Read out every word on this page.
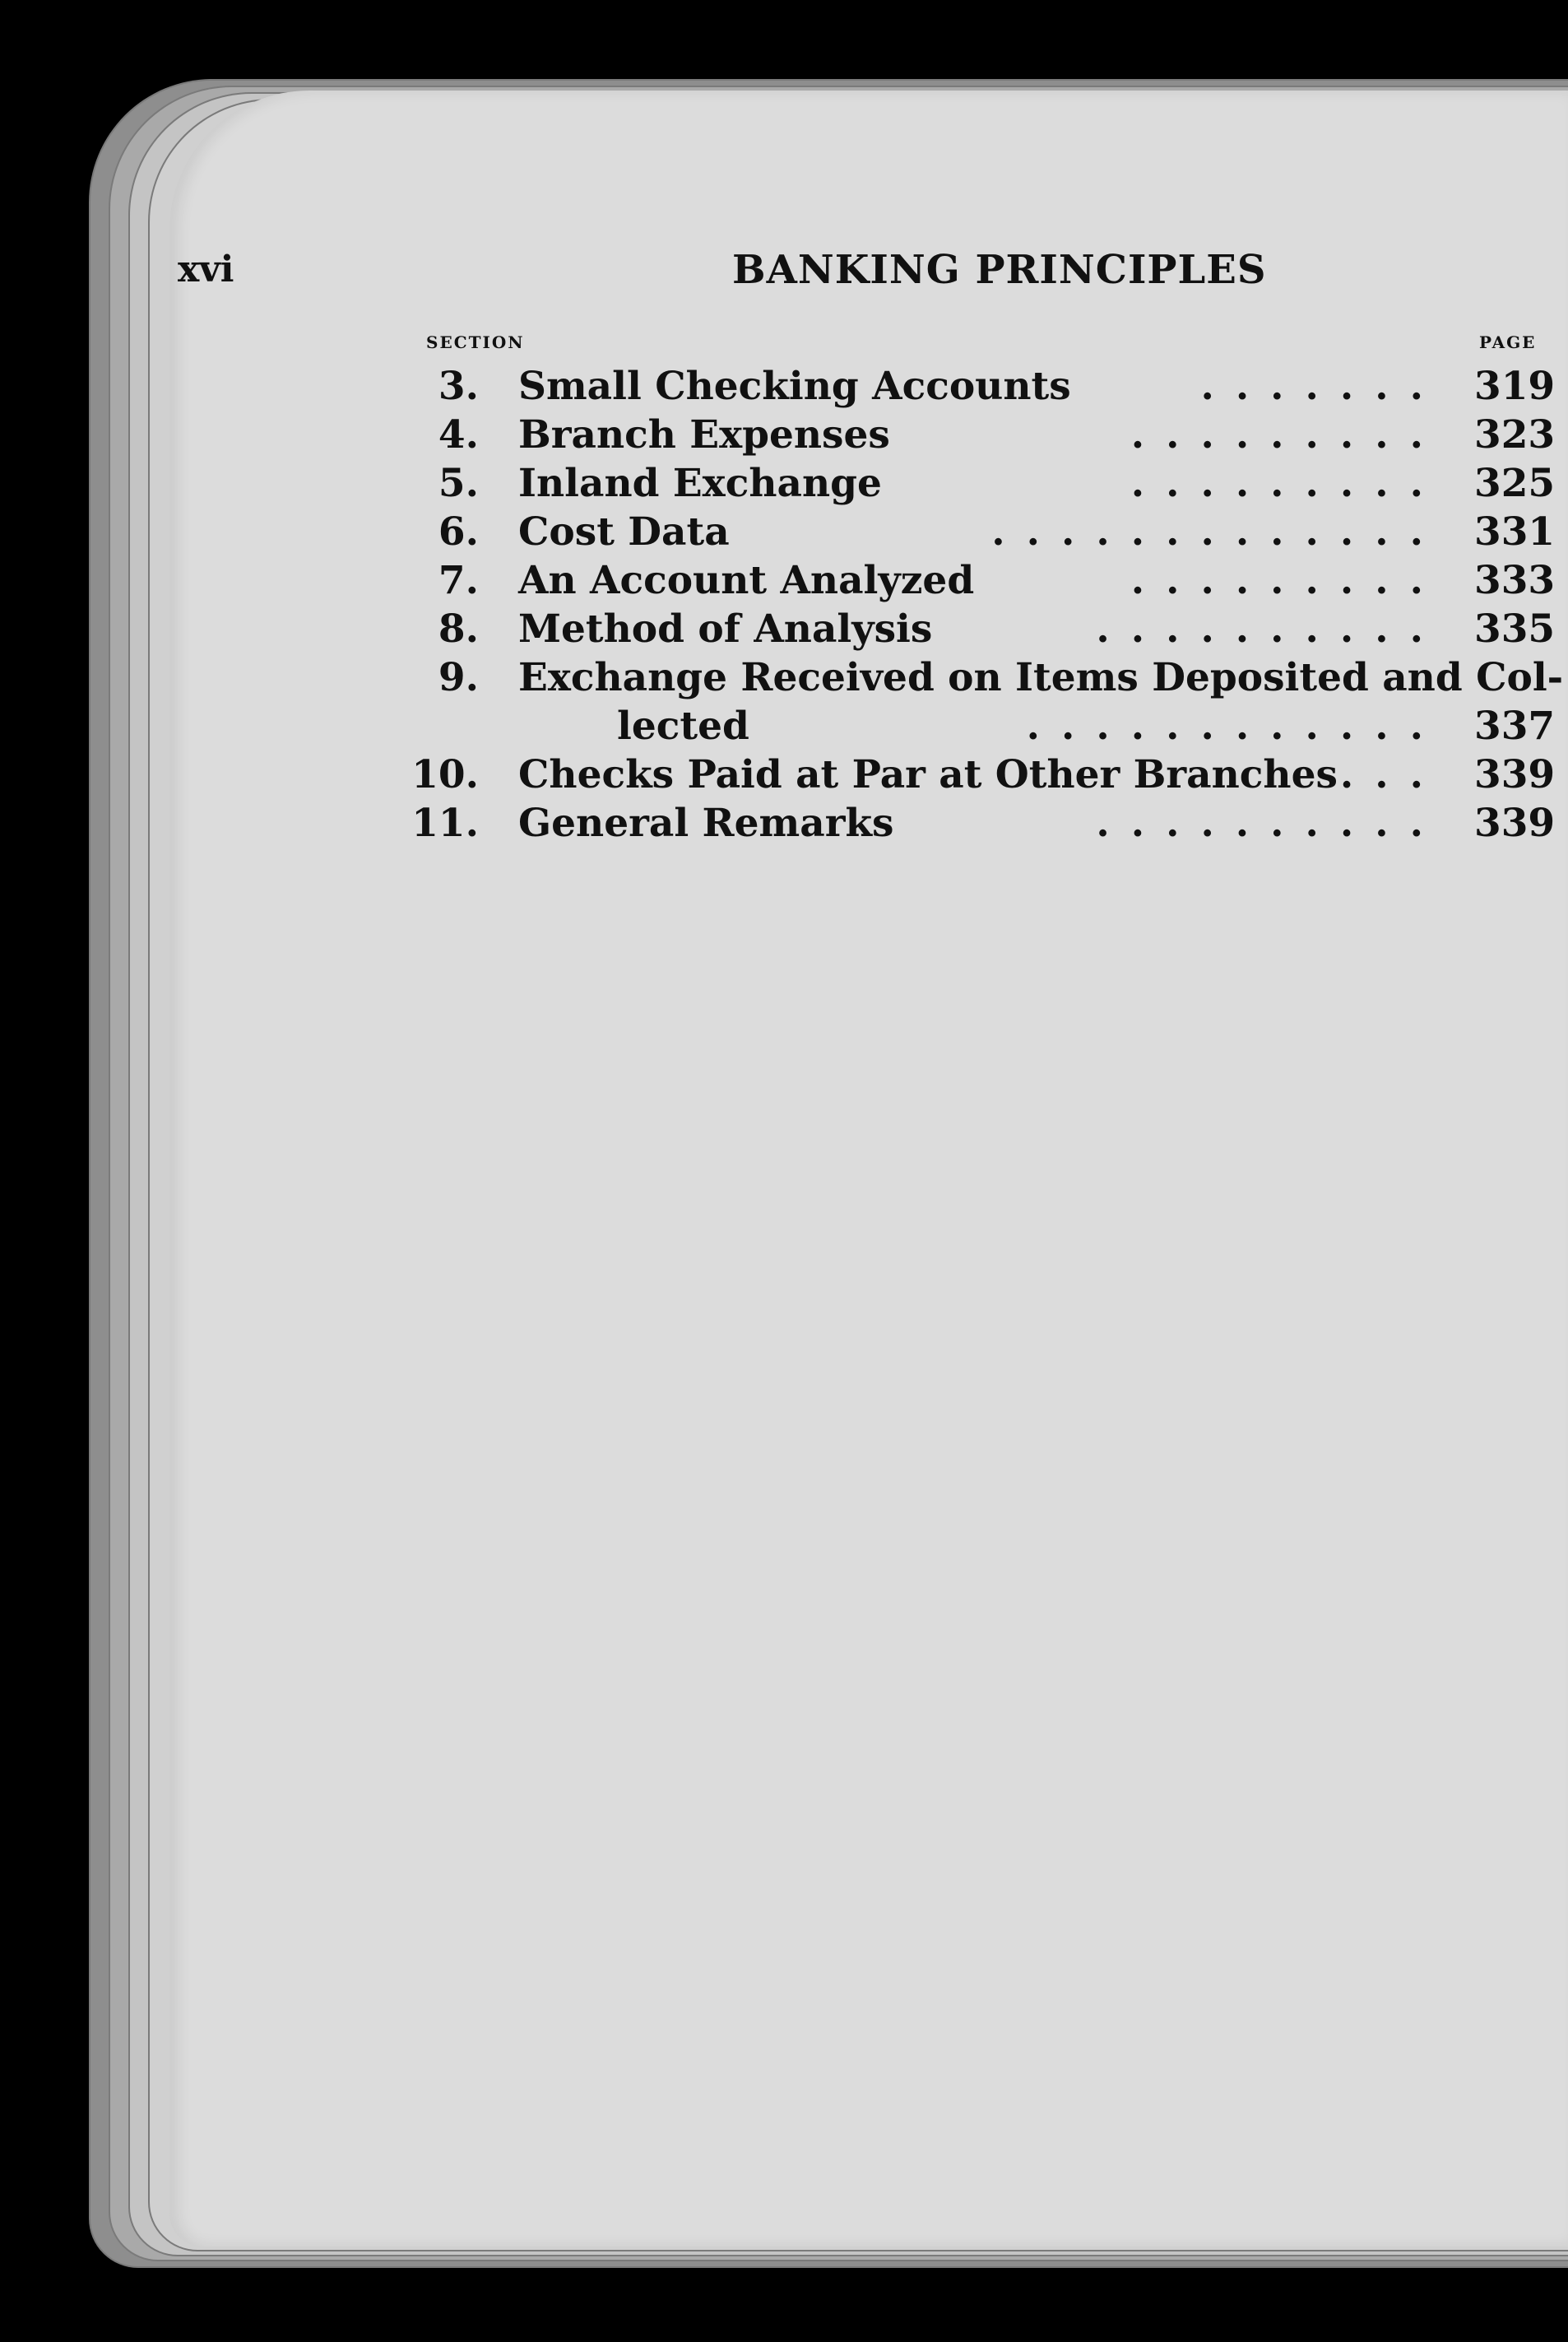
xvi	BANKING PRINCIPLES
SECTION	PAGE
3. Small Checking Accounts	....... 319
4. Branch Expenses	......... 323
5. Inland Exchange	......... 325
6. Cost Data	............. 331
7. An Account Analyzed	......... 333
8. Method of Analysis	.......... 335
9. Exchange Received on Items Deposited and Col-
lected	............ 337
10. Checks Paid at Par at Other Branches ... 339
11. General Remarks	.......... 339
